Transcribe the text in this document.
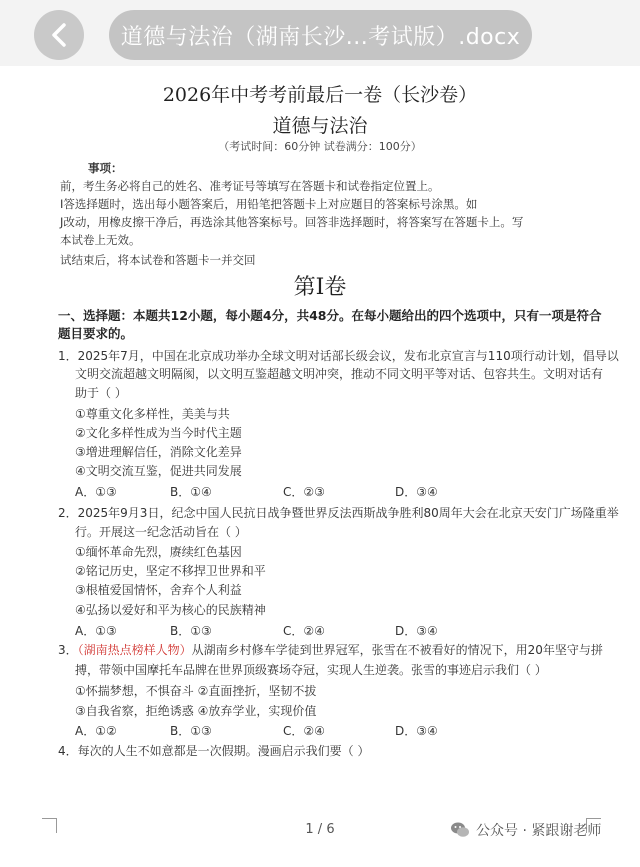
道德与法治（湖南长沙...考试版）.docx
2026年中考考前最后一卷（长沙卷）
道德与法治
（考试时间：60分钟 试卷满分：100分）
事项：
前，考生务必将自己的姓名、准考证号等填写在答题卡和试卷指定位置上。
I答选择题时，选出每小题答案后，用铅笔把答题卡上对应题目的答案标号涂黑。如
J改动，用橡皮擦干净后，再选涂其他答案标号。回答非选择题时，将答案写在答题卡上。写
本试卷上无效。
试结束后，将本试卷和答题卡一并交回
第Ⅰ卷
一、选择题：本题共12小题，每小题4分，共48分。在每小题给出的四个选项中，只有一项是符合
题目要求的。
1．2025年7月，中国在北京成功举办全球文明对话部长级会议，发布北京宣言与110项行动计划，倡导以
文明交流超越文明隔阂，以文明互鉴超越文明冲突，推动不同文明平等对话、包容共生。文明对话有
助于（ ）
①尊重文化多样性，美美与共
②文化多样性成为当今时代主题
③增进理解信任，消除文化差异
④文明交流互鉴，促进共同发展
A．①③	B．①④	C．②③	D．③④
2．2025年9月3日，纪念中国人民抗日战争暨世界反法西斯战争胜利80周年大会在北京天安门广场隆重举
行。开展这一纪念活动旨在（ ）
①缅怀革命先烈，赓续红色基因
②铭记历史，坚定不移捍卫世界和平
③根植爱国情怀，舍弃个人利益
④弘扬以爱好和平为核心的民族精神
A．①③	B．①③	C．②④	D．③④
3．（湖南热点榜样人物）从湖南乡村修车学徒到世界冠军，张雪在不被看好的情况下，用20年坚守与拼
搏，带领中国摩托车品牌在世界顶级赛场夺冠，实现人生逆袭。张雪的事迹启示我们（ ）
①怀揣梦想，不惧奋斗 ②直面挫折，坚韧不拔
③自我省察，拒绝诱惑 ④放弃学业，实现价值
A．①②	B．①③	C．②④	D．③④
4．每次的人生不如意都是一次假期。漫画启示我们要（ ）
1 / 6	公众号 · 紧跟谢老师
